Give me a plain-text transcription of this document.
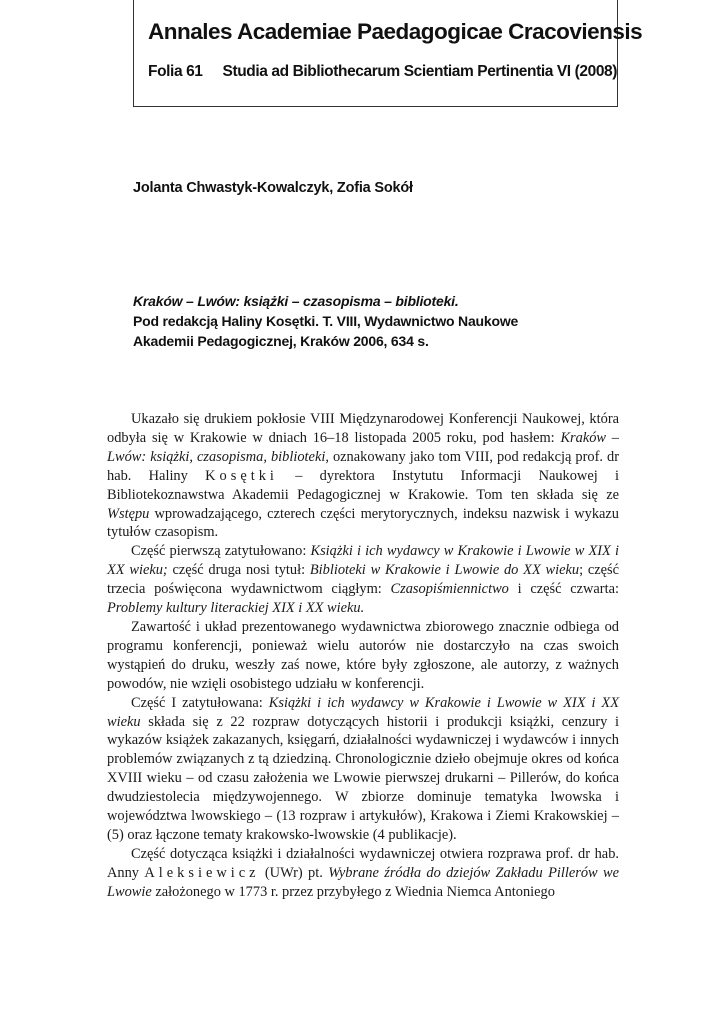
Annales Academiae Paedagogicae Cracoviensis
Folia 61 Studia ad Bibliothecarum Scientiam Pertinentia VI (2008)
Jolanta Chwastyk-Kowalczyk, Zofia Sokół
Kraków – Lwów: książki – czasopisma – biblioteki.
Pod redakcją Haliny Kosętki. T. VIII, Wydawnictwo Naukowe
Akademii Pedagogicznej, Kraków 2006, 634 s.

Ukazało się drukiem pokłosie VIII Międzynarodowej Konferencji Naukowej, która odbyła się w Krakowie w dniach 16–18 listopada 2005 roku, pod hasłem: Kraków – Lwów: książki, czasopisma, biblioteki, oznakowany jako tom VIII, pod redakcją prof. dr hab. Haliny Kosętki – dyrektora Instytutu Informacji Naukowej i Bibliotekoznawstwa Akademii Pedagogicznej w Krakowie. Tom ten składa się ze Wstępu wprowadzającego, czterech części merytorycznych, indeksu nazwisk i wykazu tytułów czasopism.

Część pierwszą zatytułowano: Książki i ich wydawcy w Krakowie i Lwowie w XIX i XX wieku; część druga nosi tytuł: Biblioteki w Krakowie i Lwowie do XX wieku; część trzecia poświęcona wydawnictwom ciągłym: Czasopiśmiennictwo i część czwarta: Problemy kultury literackiej XIX i XX wieku.

Zawartość i układ prezentowanego wydawnictwa zbiorowego znacznie odbiega od programu konferencji, ponieważ wielu autorów nie dostarczyło na czas swoich wystąpień do druku, weszły zaś nowe, które były zgłoszone, ale autorzy, z ważnych powodów, nie wzięli osobistego udziału w konferencji.

Część I zatytułowana: Książki i ich wydawcy w Krakowie i Lwowie w XIX i XX wieku składa się z 22 rozpraw dotyczących historii i produkcji książki, cenzury i wykazów książek zakazanych, księgarń, działalności wydawniczej i wydawców i innych problemów związanych z tą dziedziną. Chronologicznie dzieło obejmuje okres od końca XVIII wieku – od czasu założenia we Lwowie pierwszej drukarni – Pillerów, do końca dwudziestolecia międzywojennego. W zbiorze dominuje tematyka lwowska i województwa lwowskiego – (13 rozpraw i artykułów), Krakowa i Ziemi Krakowskiej – (5) oraz łączone tematy krakowsko-lwowskie (4 publikacje).

Część dotycząca książki i działalności wydawniczej otwiera rozprawa prof. dr hab. Anny Aleksiewicz (UWr) pt. Wybrane źródła do dziejów Zakładu Pillerów we Lwowie założonego w 1773 r. przez przybyłego z Wiednia Niemca Antoniego
